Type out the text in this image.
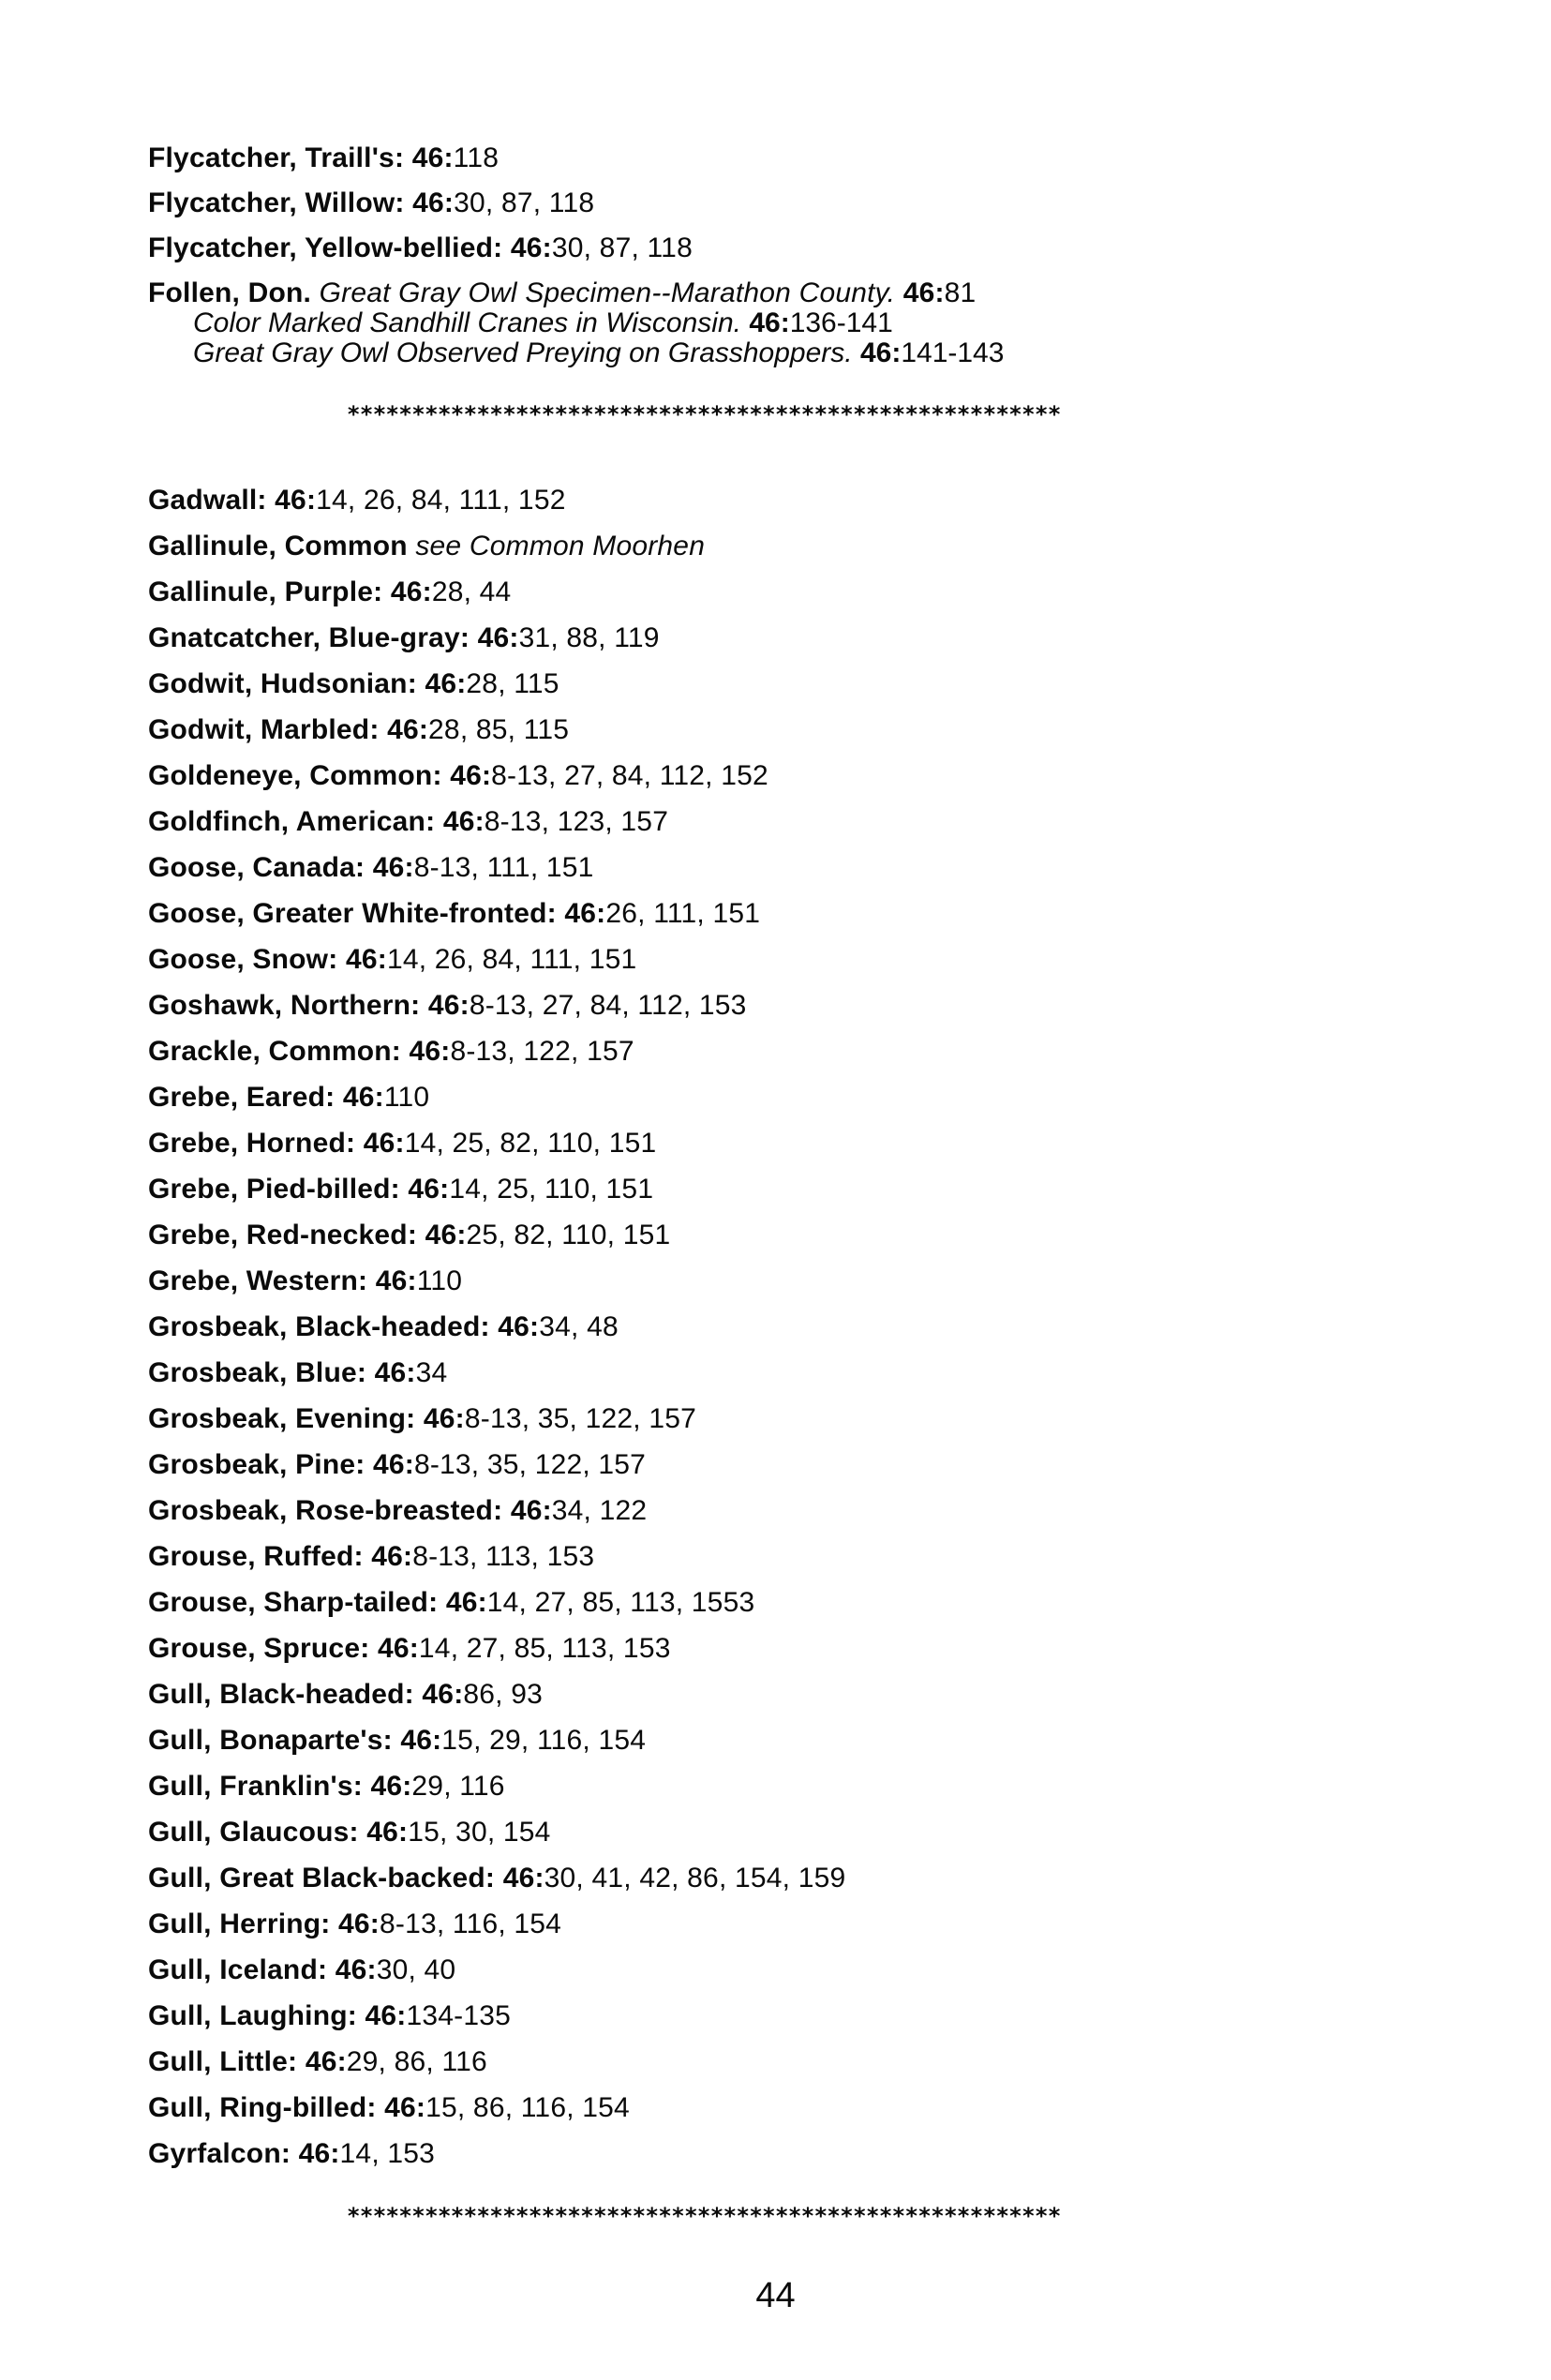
Flycatcher, Traill's: 46:118
Flycatcher, Willow: 46:30, 87, 118
Flycatcher, Yellow-bellied: 46:30, 87, 118
Follen, Don. Great Gray Owl Specimen--Marathon County. 46:81
Color Marked Sandhill Cranes in Wisconsin. 46:136-141
Great Gray Owl Observed Preying on Grasshoppers. 46:141-143
*******************************************************
Gadwall: 46:14, 26, 84, 111, 152
Gallinule, Common see Common Moorhen
Gallinule, Purple: 46:28, 44
Gnatcatcher, Blue-gray: 46:31, 88, 119
Godwit, Hudsonian: 46:28, 115
Godwit, Marbled: 46:28, 85, 115
Goldeneye, Common: 46:8-13, 27, 84, 112, 152
Goldfinch, American: 46:8-13, 123, 157
Goose, Canada: 46:8-13, 111, 151
Goose, Greater White-fronted: 46:26, 111, 151
Goose, Snow: 46:14, 26, 84, 111, 151
Goshawk, Northern: 46:8-13, 27, 84, 112, 153
Grackle, Common: 46:8-13, 122, 157
Grebe, Eared: 46:110
Grebe, Horned: 46:14, 25, 82, 110, 151
Grebe, Pied-billed: 46:14, 25, 110, 151
Grebe, Red-necked: 46:25, 82, 110, 151
Grebe, Western: 46:110
Grosbeak, Black-headed: 46:34, 48
Grosbeak, Blue: 46:34
Grosbeak, Evening: 46:8-13, 35, 122, 157
Grosbeak, Pine: 46:8-13, 35, 122, 157
Grosbeak, Rose-breasted: 46:34, 122
Grouse, Ruffed: 46:8-13, 113, 153
Grouse, Sharp-tailed: 46:14, 27, 85, 113, 1553
Grouse, Spruce: 46:14, 27, 85, 113, 153
Gull, Black-headed: 46:86, 93
Gull, Bonaparte's: 46:15, 29, 116, 154
Gull, Franklin's: 46:29, 116
Gull, Glaucous: 46:15, 30, 154
Gull, Great Black-backed: 46:30, 41, 42, 86, 154, 159
Gull, Herring: 46:8-13, 116, 154
Gull, Iceland: 46:30, 40
Gull, Laughing: 46:134-135
Gull, Little: 46:29, 86, 116
Gull, Ring-billed: 46:15, 86, 116, 154
Gyrfalcon: 46:14, 153
*******************************************************
44
